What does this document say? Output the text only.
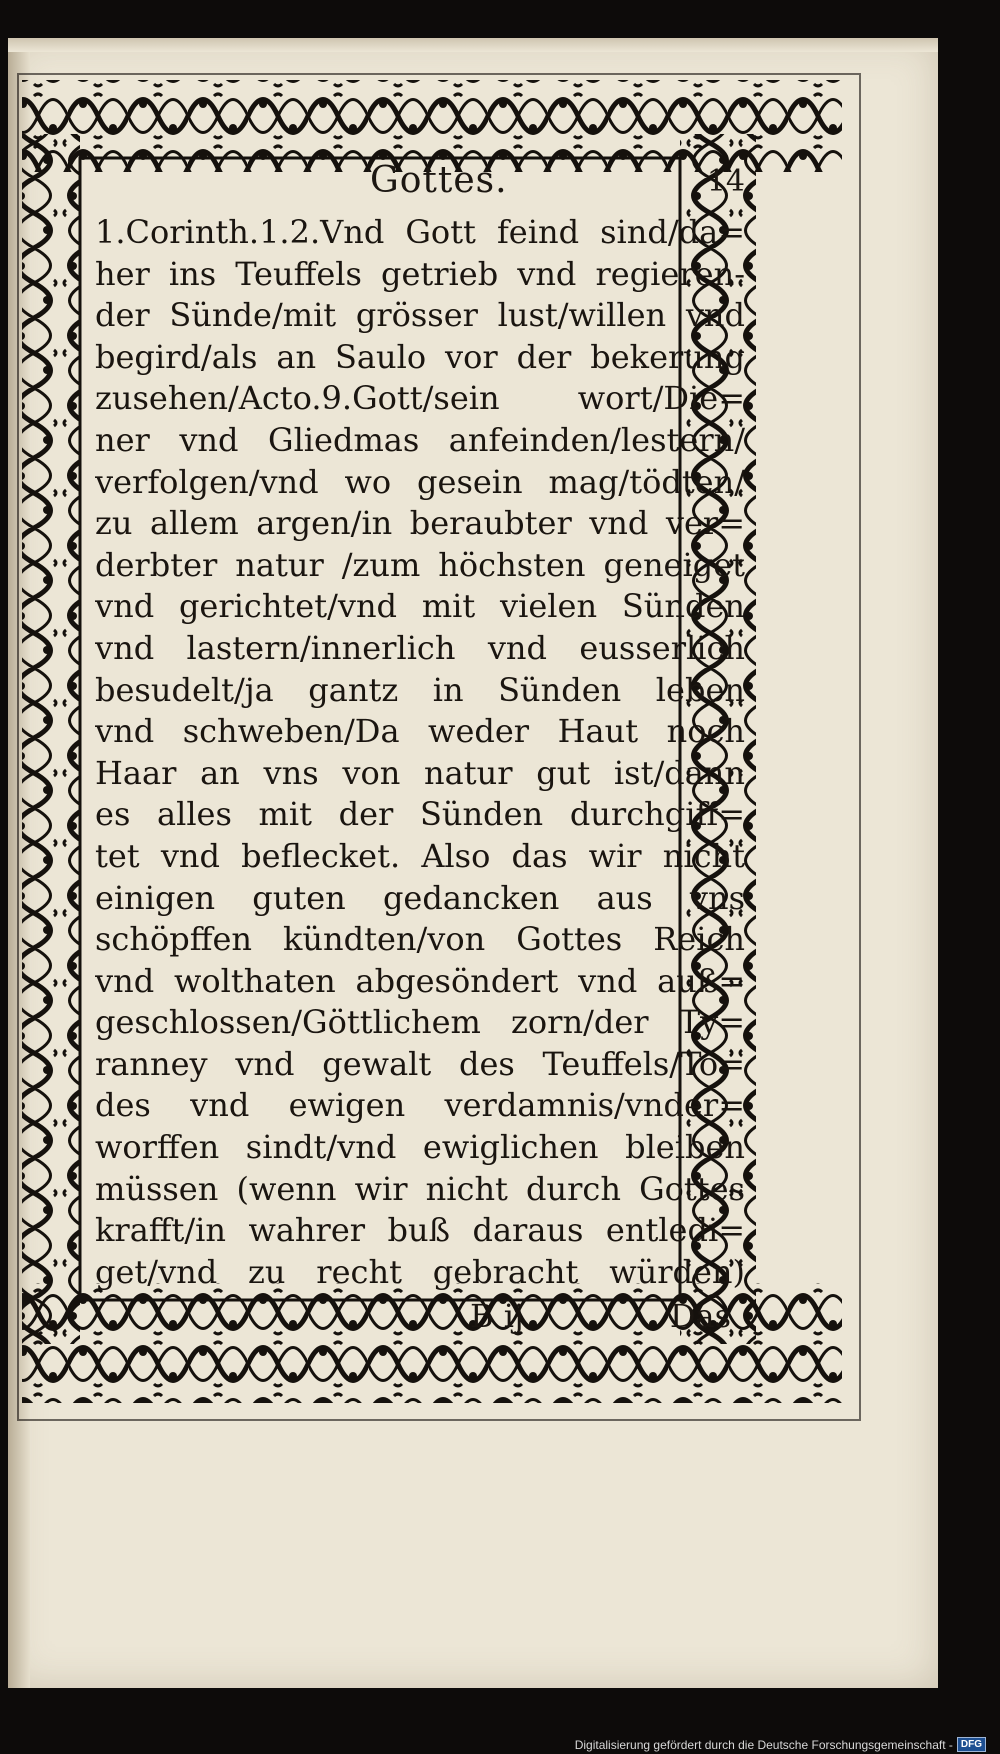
Gottes.	14
1.Corinth.1.2.Vnd Gott feind sind/da=
her ins Teuffels getrieb vnd regieren-
der Sünde/mit grösser lust/willen vnd
begird/als an Saulo vor der bekerung
zusehen/Acto.9.Gott/sein wort/Die=
ner vnd Gliedmas anfeinden/lestern/
verfolgen/vnd wo gesein mag/tödten/
zu allem argen/in beraubter vnd ver=
derbter natur /zum höchsten geneiget
vnd gerichtet/vnd mit vielen Sünden
vnd lastern/innerlich vnd eusserlich
besudelt/ja gantz in Sünden leben
vnd schweben/Da weder Haut noch
Haar an vns von natur gut ist/dann
es alles mit der Sünden durchgiff=
tet vnd beflecket. Also das wir nicht
einigen guten gedancken aus vns
schöpffen kündten/von Gottes Reich
vnd wolthaten abgesöndert vnd auß=
geschlossen/Göttlichem zorn/der Ty=
ranney vnd gewalt des Teuffels/To=
des vnd ewigen verdamnis/vnder=
worffen sindt/vnd ewiglichen bleiben
müssen (wenn wir nicht durch Gottes
krafft/in wahrer buß daraus entledi=
get/vnd zu recht gebracht würden)
B ij	Das
Digitalisierung gefördert durch die Deutsche Forschungsgemeinschaft - DFG
